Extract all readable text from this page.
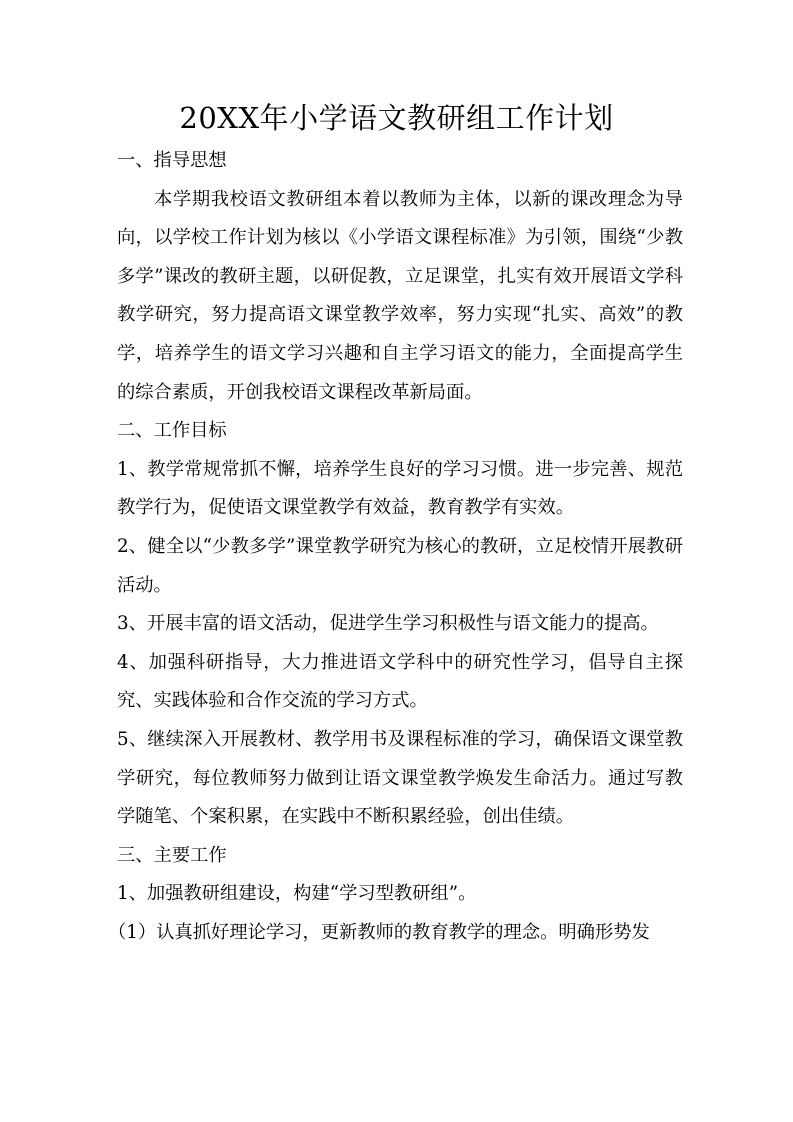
20XX年小学语文教研组工作计划

一、指导思想

本学期我校语文教研组本着以教师为主体，以新的课改理念为导向，以学校工作计划为核以《小学语文课程标准》为引领，围绕“少教多学”课改的教研主题，以研促教，立足课堂，扎实有效开展语文学科教学研究，努力提高语文课堂教学效率，努力实现“扎实、高效”的教学，培养学生的语文学习兴趣和自主学习语文的能力，全面提高学生的综合素质，开创我校语文课程改革新局面。

二、工作目标

1、教学常规常抓不懈，培养学生良好的学习习惯。进一步完善、规范教学行为，促使语文课堂教学有效益，教育教学有实效。

2、健全以“少教多学”课堂教学研究为核心的教研，立足校情开展教研活动。

3、开展丰富的语文活动，促进学生学习积极性与语文能力的提高。

4、加强科研指导，大力推进语文学科中的研究性学习，倡导自主探究、实践体验和合作交流的学习方式。

5、继续深入开展教材、教学用书及课程标准的学习，确保语文课堂教学研究，每位教师努力做到让语文课堂教学焕发生命活力。通过写教学随笔、个案积累，在实践中不断积累经验，创出佳绩。

三、主要工作

1、加强教研组建设，构建“学习型教研组”。

（1）认真抓好理论学习，更新教师的教育教学的理念。明确形势发
